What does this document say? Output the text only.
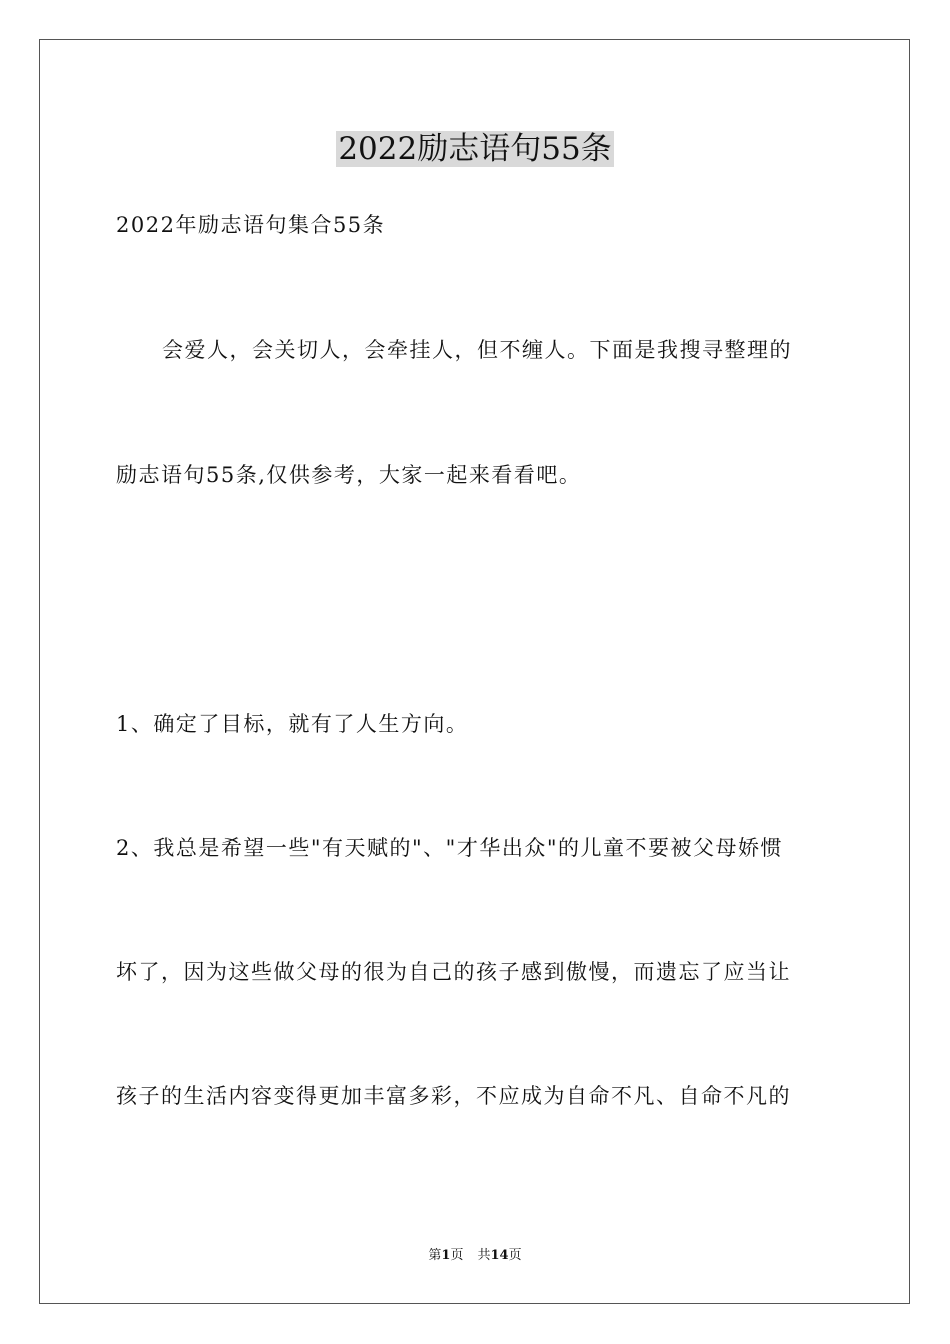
2022励志语句55条

2022年励志语句集合55条

会爱人，会关切人，会牵挂人，但不缠人。下面是我搜寻整理的

励志语句55条,仅供参考，大家一起来看看吧。

1、确定了目标，就有了人生方向。

2、我总是希望一些"有天赋的"、"才华出众"的儿童不要被父母娇惯

坏了，因为这些做父母的很为自己的孩子感到傲慢，而遗忘了应当让

孩子的生活内容变得更加丰富多彩，不应成为自命不凡、自命不凡的

第1页 共14页
